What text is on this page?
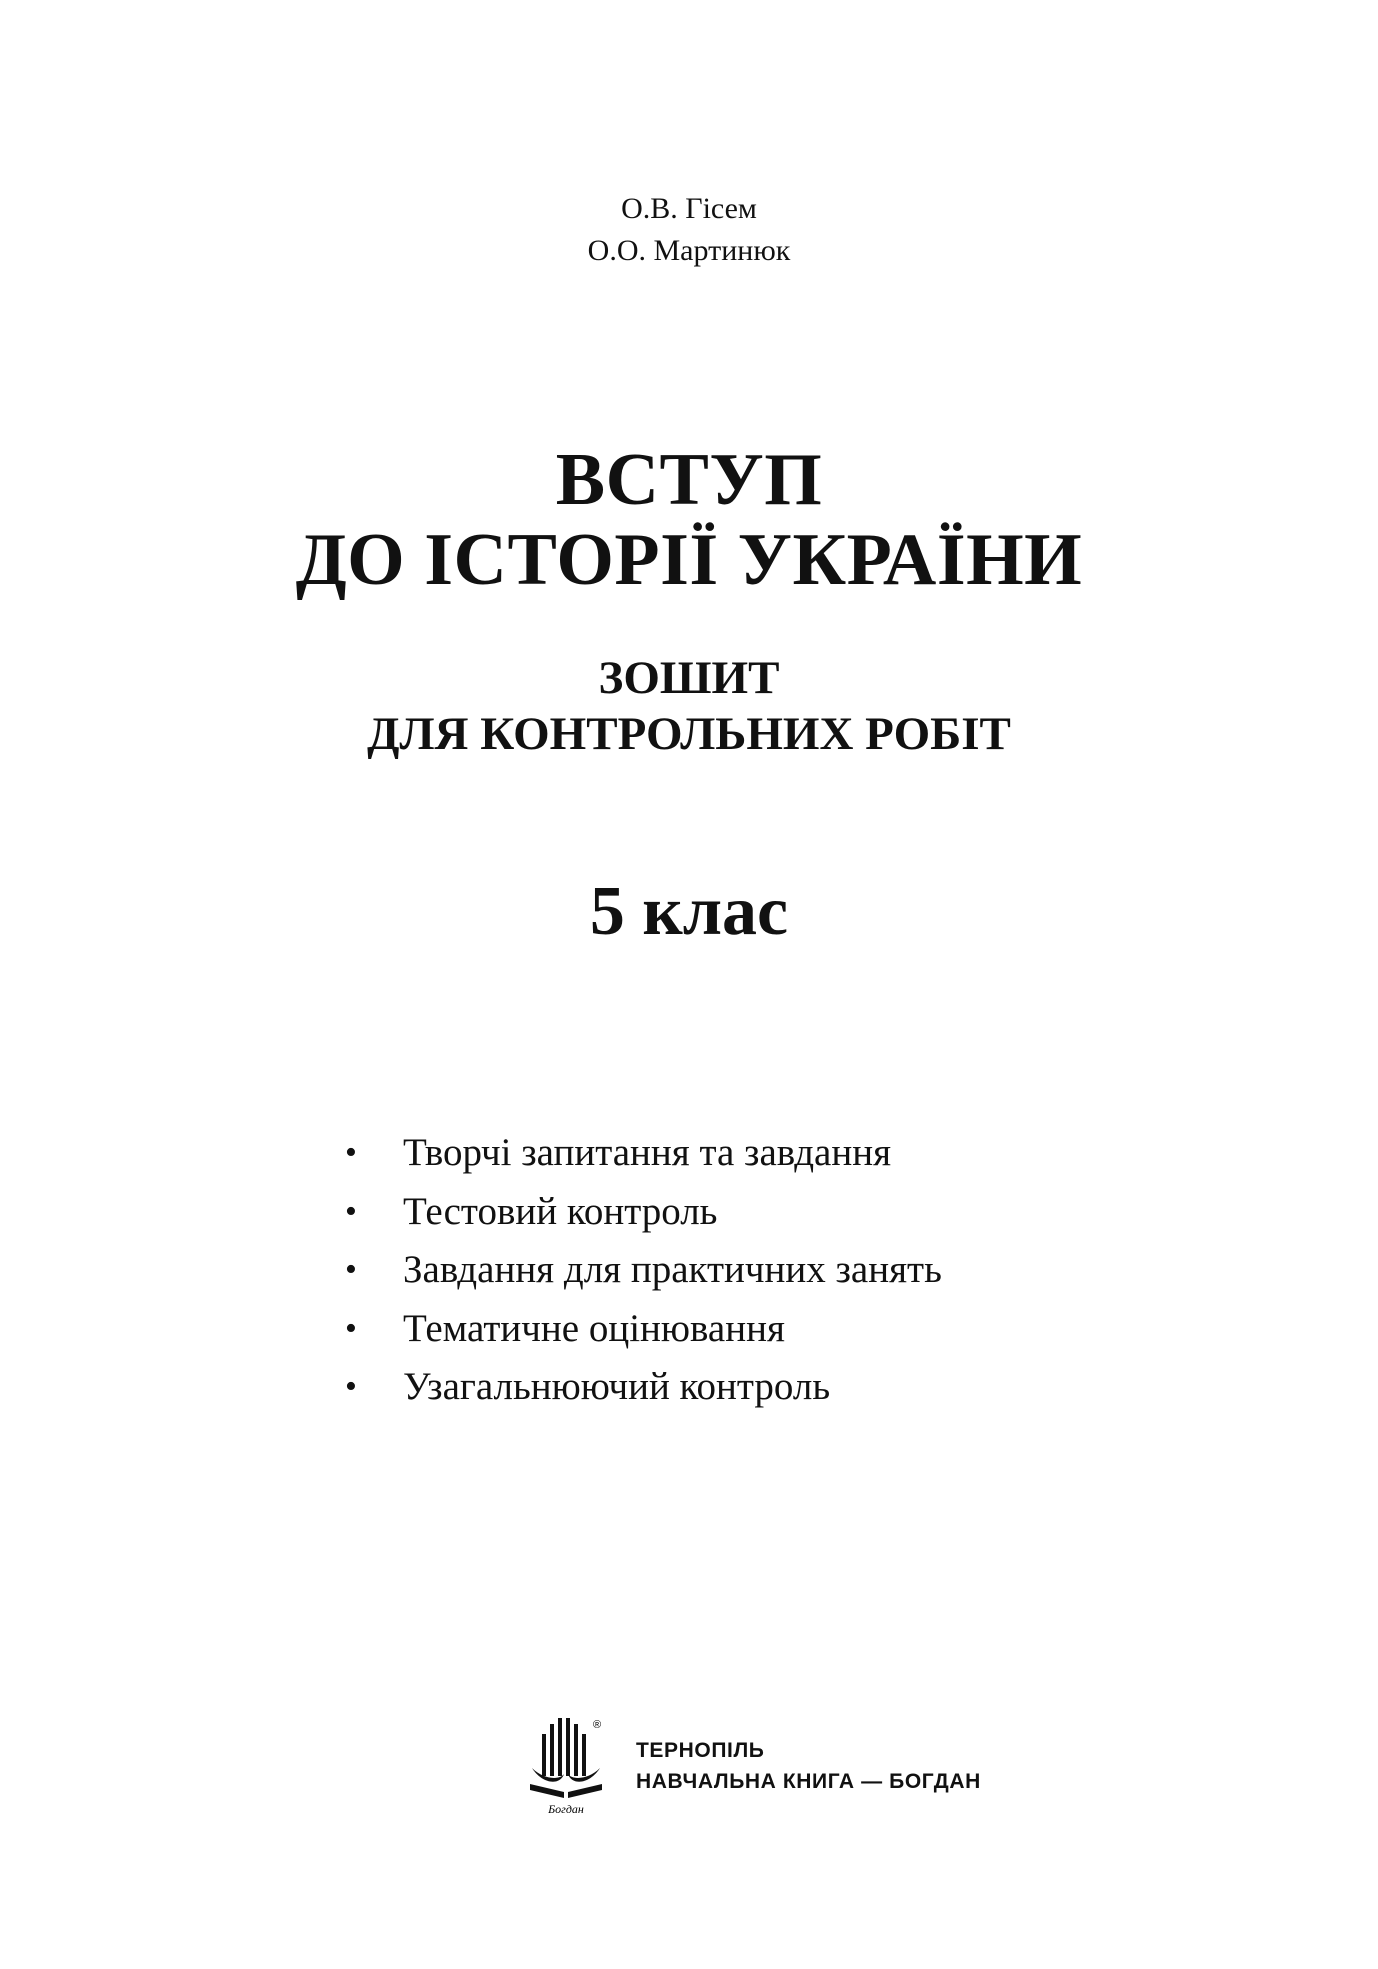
О.В. Гісем
О.О. Мартинюк
ВСТУП
ДО ІСТОРІЇ УКРАЇНИ
ЗОШИТ
ДЛЯ КОНТРОЛЬНИХ РОБІТ
5 клас
• Творчі запитання та завдання
• Тестовий контроль
• Завдання для практичних занять
• Тематичне оцінювання
• Узагальнюючий контроль
®
Богдан
ТЕРНОПІЛЬ
НАВЧАЛЬНА КНИГА — БОГДАН
